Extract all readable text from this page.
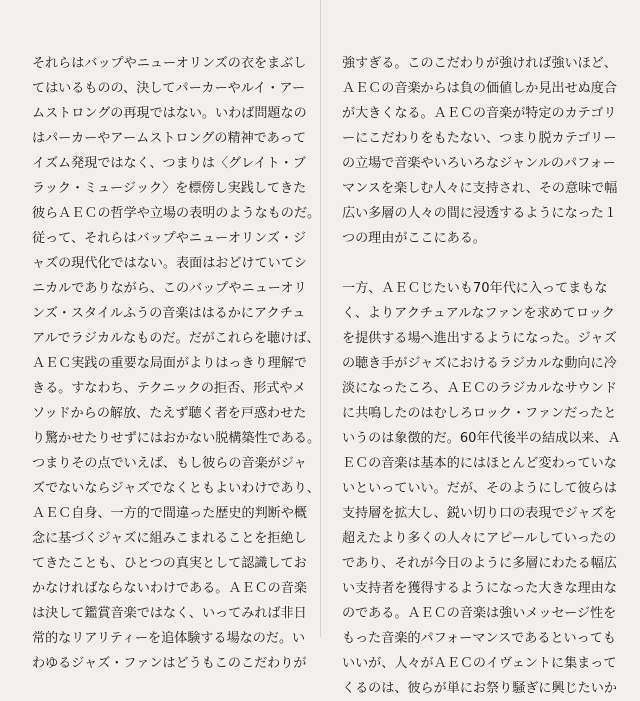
それらはバップやニューオリンズの衣をまぶし
てはいるものの、決してパーカーやルイ・アー
ムストロングの再現ではない。いわば問題なの
はパーカーやアームストロングの精神であって
イズム発現ではなく、つまりは〈グレイト・ブ
ラック・ミュージック〉を標傍し実践してきた
彼らＡＥＣの哲学や立場の表明のようなものだ。
従って、それらはバップやニューオリンズ・ジ
ャズの現代化ではない。表面はおどけていてシ
ニカルでありながら、このバップやニューオリ
ンズ・スタイルふうの音楽ははるかにアクチュ
アルでラジカルなものだ。だがこれらを聴けば、
ＡＥＣ実践の重要な局面がよりはっきり理解で
きる。すなわち、テクニックの拒否、形式やメ
ソッドからの解放、たえず聴く者を戸惑わせた
り驚かせたりせずにはおかない脱構築性である。
つまりその点でいえば、もし彼らの音楽がジャ
ズでないならジャズでなくともよいわけであり、
ＡＥＣ自身、一方的で間違った歴史的判断や概
念に基づくジャズに組みこまれることを拒絶し
てきたことも、ひとつの真実として認識してお
かなければならないわけである。ＡＥＣの音楽
は決して鑑賞音楽ではなく、いってみれば非日
常的なリアリティーを追体験する場なのだ。い
わゆるジャズ・ファンはどうもこのこだわりが
強すぎる。このこだわりが強ければ強いほど、
ＡＥＣの音楽からは負の価値しか見出せぬ度合
が大きくなる。ＡＥＣの音楽が特定のカテゴリ
ーにこだわりをもたない、つまり脱カテゴリー
の立場で音楽やいろいろなジャンルのパフォー
マンスを楽しむ人々に支持され、その意味で幅
広い多層の人々の間に浸透するようになった１
つの理由がここにある。
一方、ＡＥＣじたいも70年代に入ってまもな
く、よりアクチュアルなファンを求めてロック
を提供する場へ進出するようになった。ジャズ
の聴き手がジャズにおけるラジカルな動向に冷
淡になったころ、ＡＥＣのラジカルなサウンド
に共鳴したのはむしろロック・ファンだったと
いうのは象徴的だ。60年代後半の結成以来、Ａ
ＥＣの音楽は基本的にはほとんど変わっていな
いといっていい。だが、そのようにして彼らは
支持層を拡大し、鋭い切り口の表現でジャズを
超えたより多くの人々にアピールしていったの
であり、それが今日のように多層にわたる幅広
い支持者を獲得するようになった大きな理由な
のである。ＡＥＣの音楽は強いメッセージ性を
もった音楽的パフォーマンスであるといっても
いいが、人々がＡＥＣのイヴェントに集まって
くるのは、彼らが単にお祭り騒ぎに興じたいか
